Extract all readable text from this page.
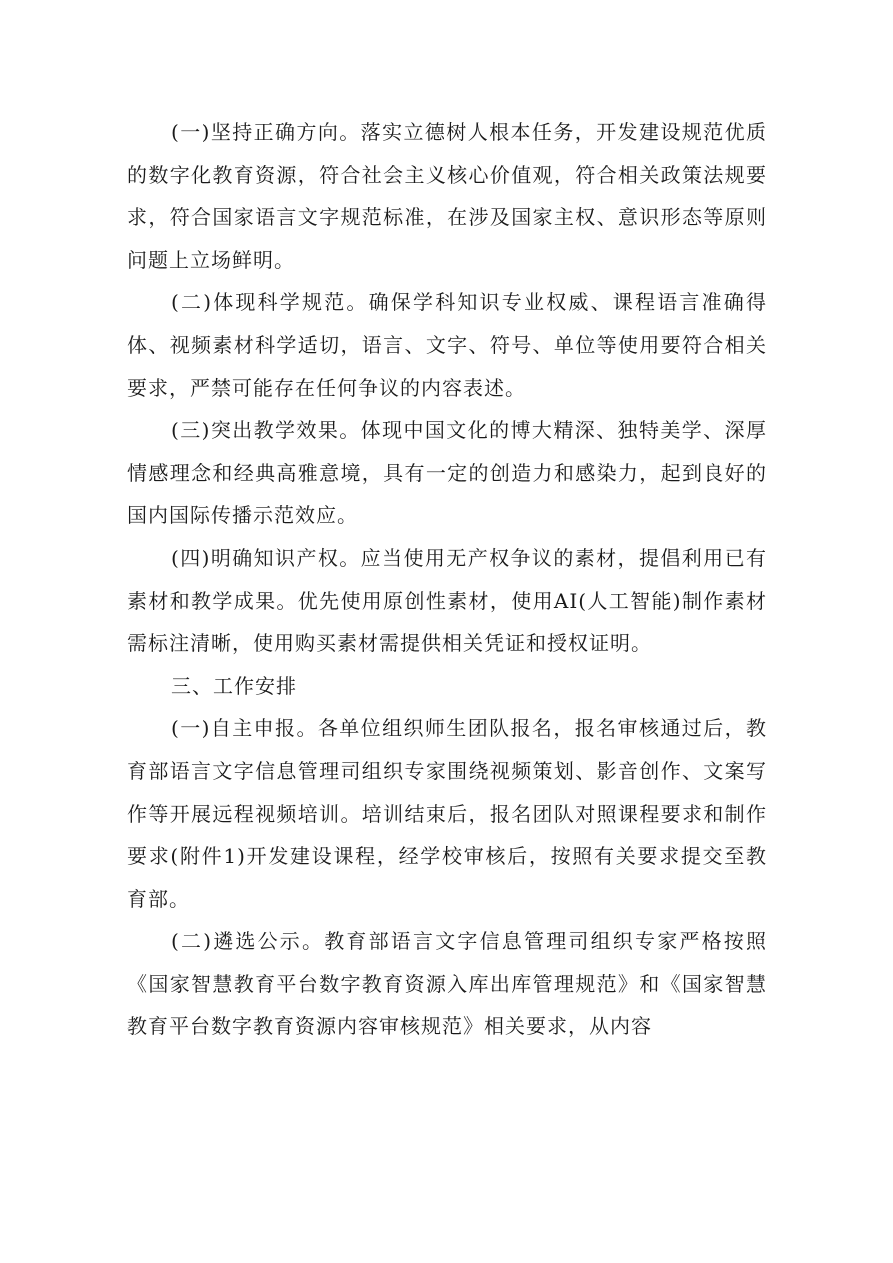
(一)坚持正确方向。落实立德树人根本任务，开发建设规范优质的数字化教育资源，符合社会主义核心价值观，符合相关政策法规要求，符合国家语言文字规范标准，在涉及国家主权、意识形态等原则问题上立场鲜明。

(二)体现科学规范。确保学科知识专业权威、课程语言准确得体、视频素材科学适切，语言、文字、符号、单位等使用要符合相关要求，严禁可能存在任何争议的内容表述。

(三)突出教学效果。体现中国文化的博大精深、独特美学、深厚情感理念和经典高雅意境，具有一定的创造力和感染力，起到良好的国内国际传播示范效应。

(四)明确知识产权。应当使用无产权争议的素材，提倡利用已有素材和教学成果。优先使用原创性素材，使用AI(人工智能)制作素材需标注清晰，使用购买素材需提供相关凭证和授权证明。

三、工作安排

(一)自主申报。各单位组织师生团队报名，报名审核通过后，教育部语言文字信息管理司组织专家围绕视频策划、影音创作、文案写作等开展远程视频培训。培训结束后，报名团队对照课程要求和制作要求(附件1)开发建设课程，经学校审核后，按照有关要求提交至教育部。

(二)遴选公示。教育部语言文字信息管理司组织专家严格按照《国家智慧教育平台数字教育资源入库出库管理规范》和《国家智慧教育平台数字教育资源内容审核规范》相关要求，从内容
